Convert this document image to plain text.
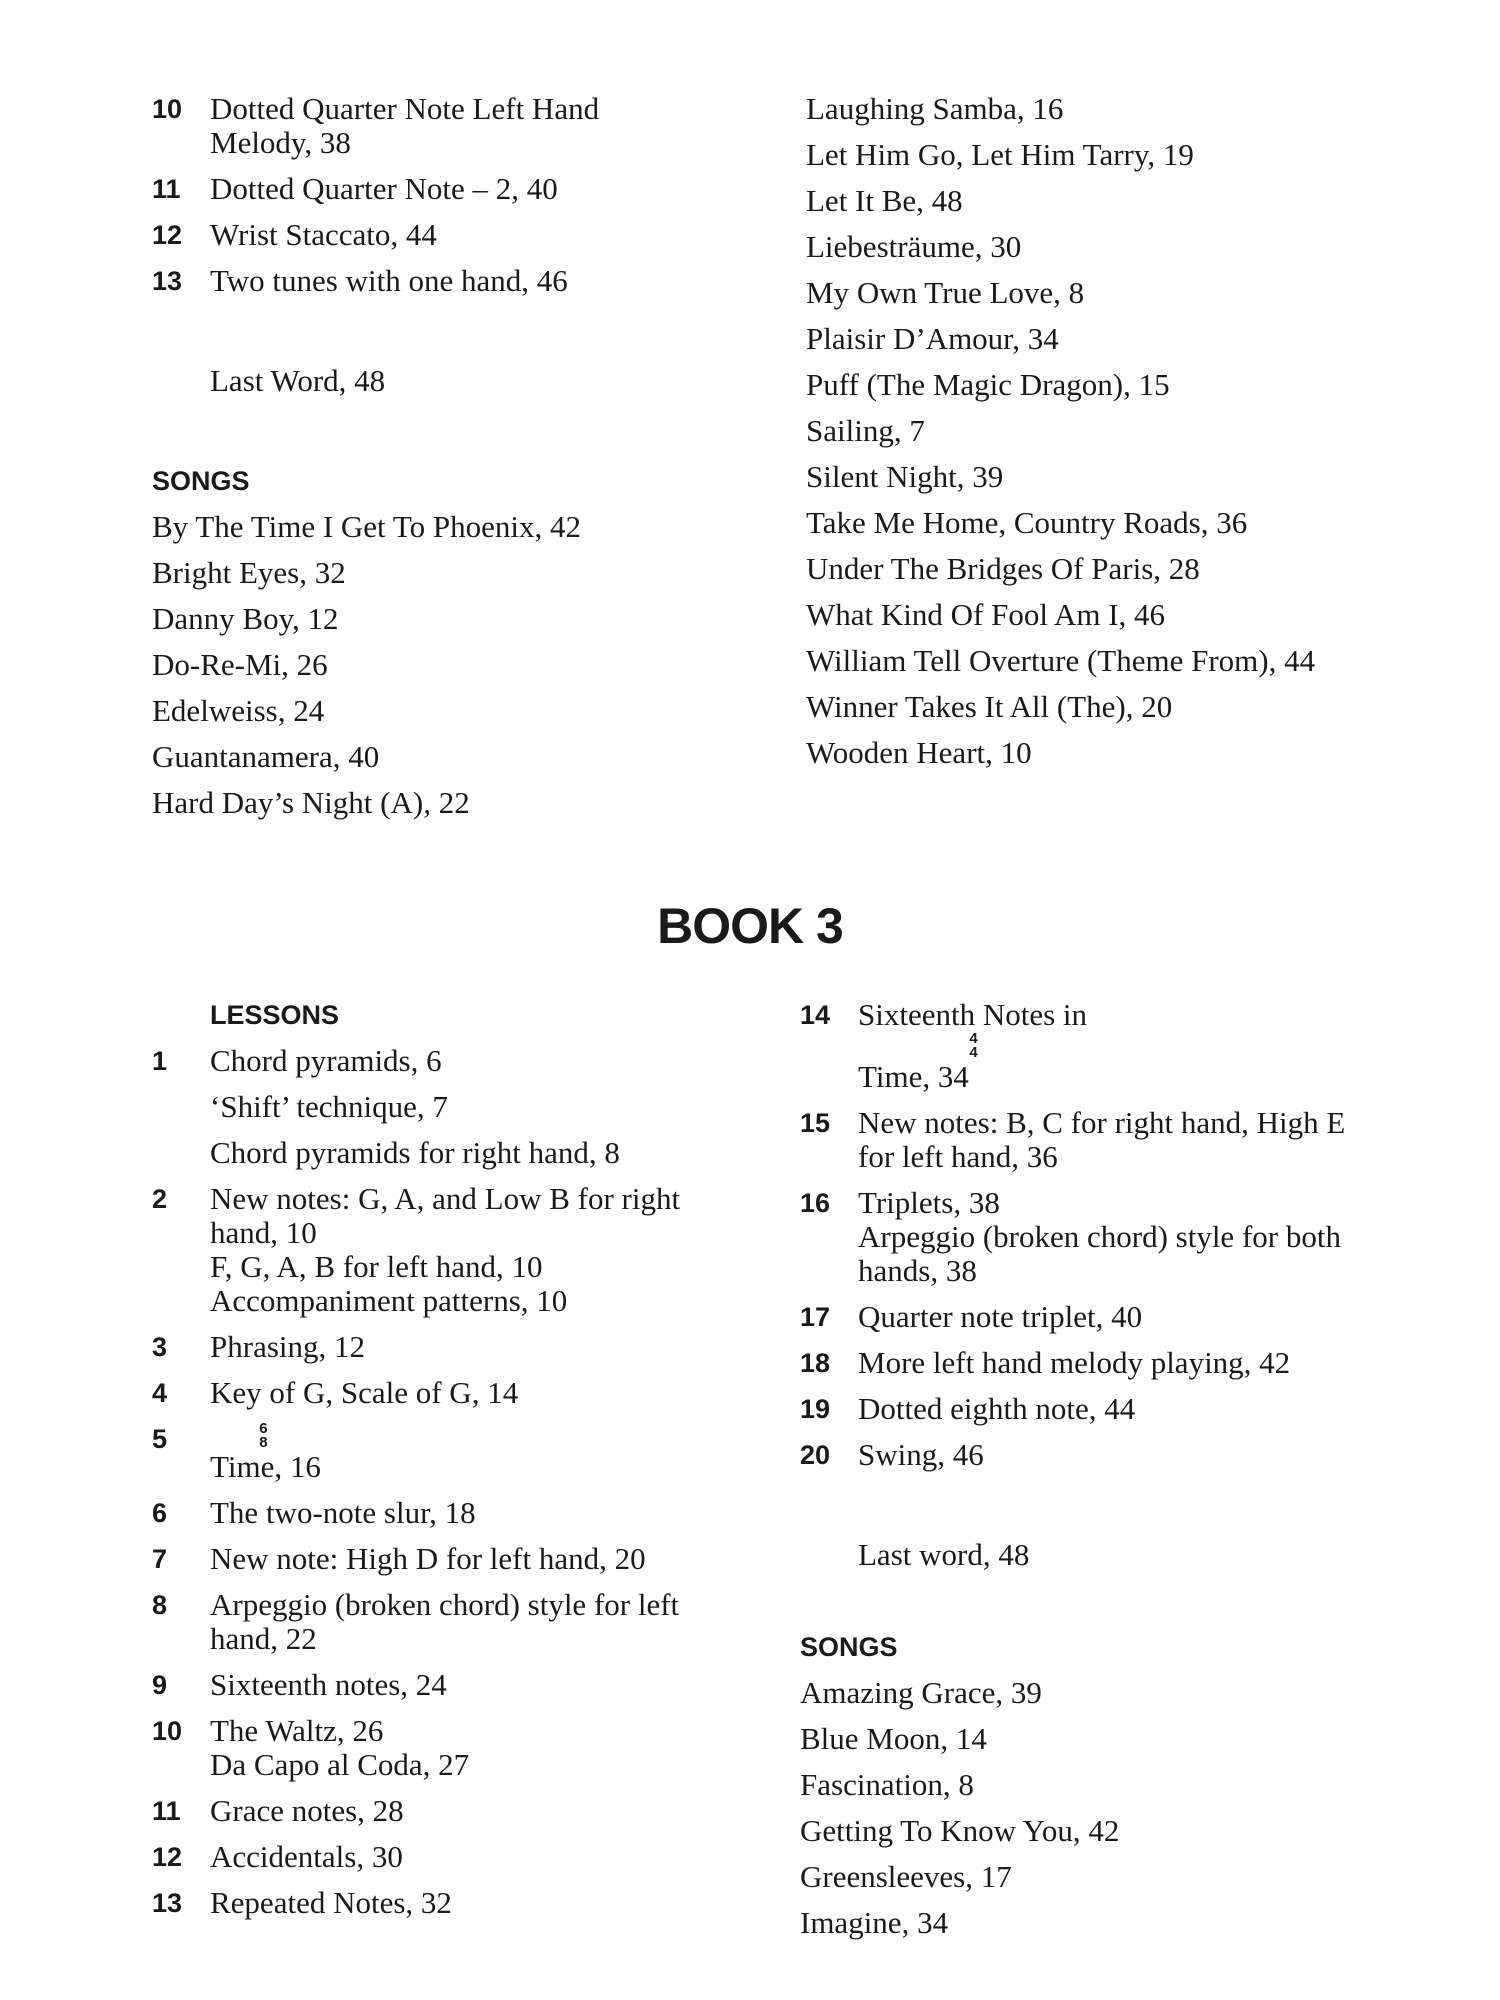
10 Dotted Quarter Note Left Hand
Melody, 38
11 Dotted Quarter Note – 2, 40
12 Wrist Staccato, 44
13 Two tunes with one hand, 46
Last Word, 48
SONGS
By The Time I Get To Phoenix, 42
Bright Eyes, 32
Danny Boy, 12
Do-Re-Mi, 26
Edelweiss, 24
Guantanamera, 40
Hard Day’s Night (A), 22
Laughing Samba, 16
Let Him Go, Let Him Tarry, 19
Let It Be, 48
Liebesträume, 30
My Own True Love, 8
Plaisir D’Amour, 34
Puff (The Magic Dragon), 15
Sailing, 7
Silent Night, 39
Take Me Home, Country Roads, 36
Under The Bridges Of Paris, 28
What Kind Of Fool Am I, 46
William Tell Overture (Theme From), 44
Winner Takes It All (The), 20
Wooden Heart, 10
BOOK 3
LESSONS
1	Chord pyramids, 6
‘Shift’ technique, 7
Chord pyramids for right hand, 8
2	New notes: G, A, and Low B for right
hand, 10
F, G, A, B for left hand, 10
Accompaniment patterns, 10
3	Phrasing, 12
4	Key of G, Scale of G, 14
5	6
8
Time, 16
6	The two-note slur, 18
7	New note: High D for left hand, 20
8	Arpeggio (broken chord) style for left
hand, 22
9	Sixteenth notes, 24
10 The Waltz, 26
Da Capo al Coda, 27
11 Grace notes, 28
12 Accidentals, 30
13 Repeated Notes, 32
14 Sixteenth Notes in
4
4
Time, 34
15 New notes: B, C for right hand, High E
for left hand, 36
16 Triplets, 38
Arpeggio (broken chord) style for both
hands, 38
17 Quarter note triplet, 40
18 More left hand melody playing, 42
19 Dotted eighth note, 44
20 Swing, 46
Last word, 48
SONGS
Amazing Grace, 39
Blue Moon, 14
Fascination, 8
Getting To Know You, 42
Greensleeves, 17
Imagine, 34
